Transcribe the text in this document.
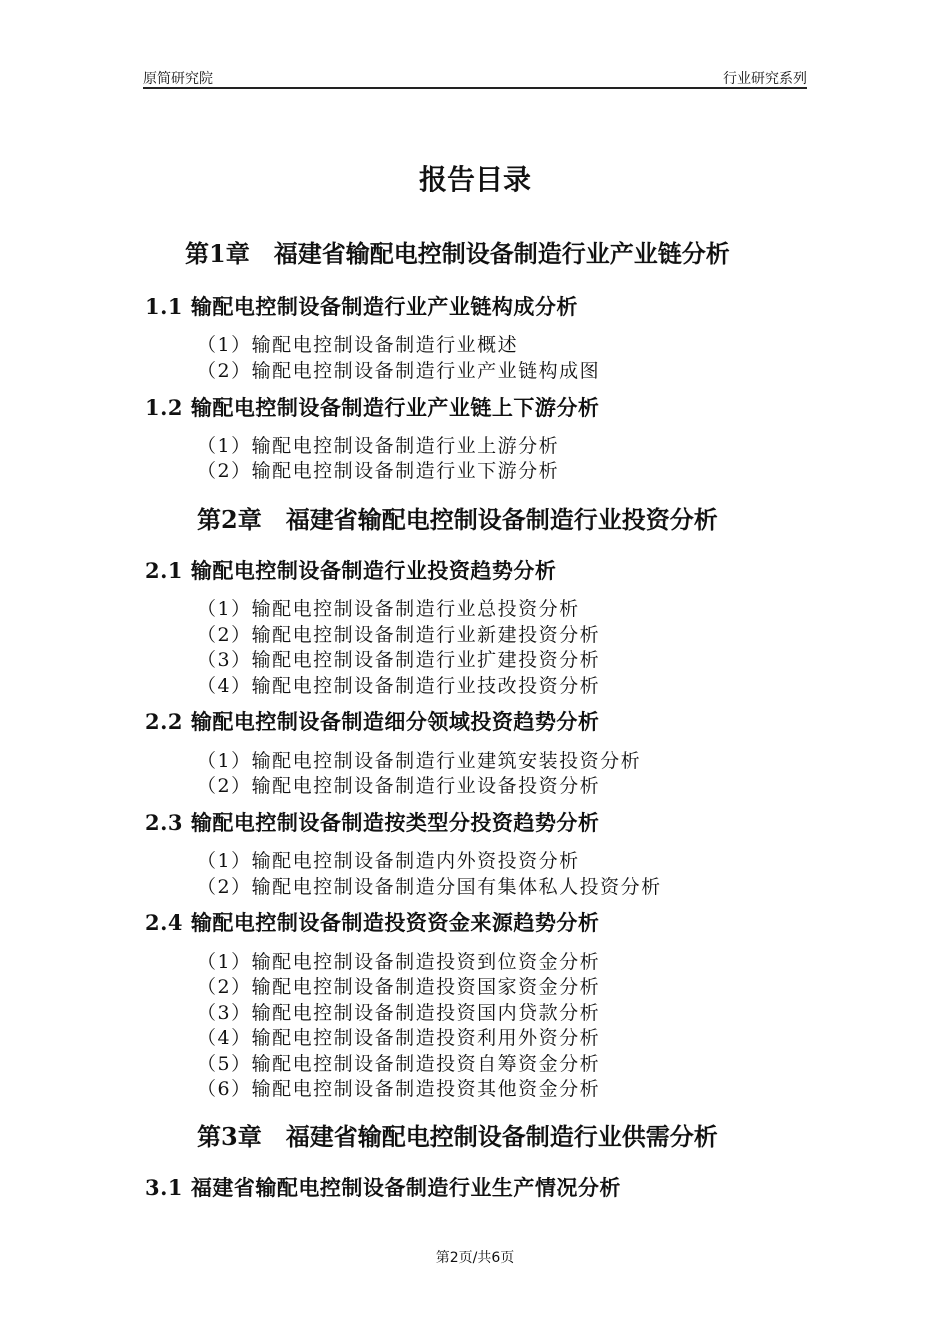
原简研究院	行业研究系列
报告目录
第1章　福建省输配电控制设备制造行业产业链分析
1.1 输配电控制设备制造行业产业链构成分析
（1）输配电控制设备制造行业概述
（2）输配电控制设备制造行业产业链构成图
1.2 输配电控制设备制造行业产业链上下游分析
（1）输配电控制设备制造行业上游分析
（2）输配电控制设备制造行业下游分析
第2章　福建省输配电控制设备制造行业投资分析
2.1 输配电控制设备制造行业投资趋势分析
（1）输配电控制设备制造行业总投资分析
（2）输配电控制设备制造行业新建投资分析
（3）输配电控制设备制造行业扩建投资分析
（4）输配电控制设备制造行业技改投资分析
2.2 输配电控制设备制造细分领域投资趋势分析
（1）输配电控制设备制造行业建筑安装投资分析
（2）输配电控制设备制造行业设备投资分析
2.3 输配电控制设备制造按类型分投资趋势分析
（1）输配电控制设备制造内外资投资分析
（2）输配电控制设备制造分国有集体私人投资分析
2.4 输配电控制设备制造投资资金来源趋势分析
（1）输配电控制设备制造投资到位资金分析
（2）输配电控制设备制造投资国家资金分析
（3）输配电控制设备制造投资国内贷款分析
（4）输配电控制设备制造投资利用外资分析
（5）输配电控制设备制造投资自筹资金分析
（6）输配电控制设备制造投资其他资金分析
第3章　福建省输配电控制设备制造行业供需分析
3.1 福建省输配电控制设备制造行业生产情况分析
第2页/共6页
